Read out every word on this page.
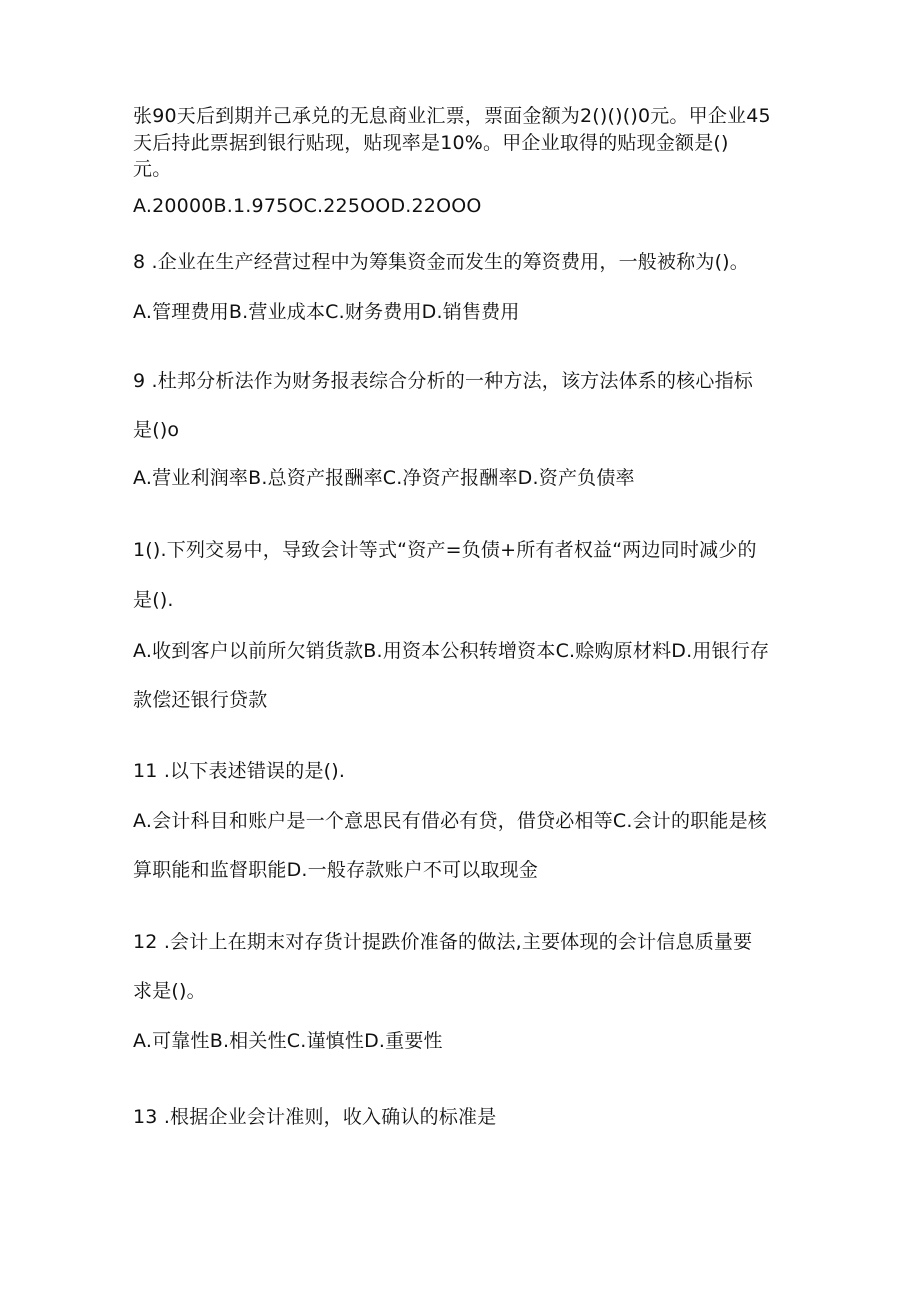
张90天后到期并己承兑的无息商业汇票，票面金额为2()()()0元。甲企业45
天后持此票据到银行贴现，贴现率是10%。甲企业取得的贴现金额是()
元。
A.20000B.1.975OC.225OOD.22OOO
8 .企业在生产经营过程中为筹集资金而发生的筹资费用，一般被称为()。
A.管理费用B.营业成本C.财务费用D.销售费用
9 .杜邦分析法作为财务报表综合分析的一种方法，该方法体系的核心指标
是()o
A.营业利润率B.总资产报酬率C.净资产报酬率D.资产负债率
1().下列交易中，导致会计等式“资产=负债+所有者权益“两边同时减少的
是().
A.收到客户以前所欠销货款B.用资本公积转增资本C.赊购原材料D.用银行存
款偿还银行贷款
11 .以下表述错误的是().
A.会计科目和账户是一个意思民有借必有贷，借贷必相等C.会计的职能是核
算职能和监督职能D.一般存款账户不可以取现金
12 .会计上在期末对存货计提跌价准备的做法,主要体现的会计信息质量要
求是()。
A.可靠性B.相关性C.谨慎性D.重要性
13 .根据企业会计准则，收入确认的标准是
